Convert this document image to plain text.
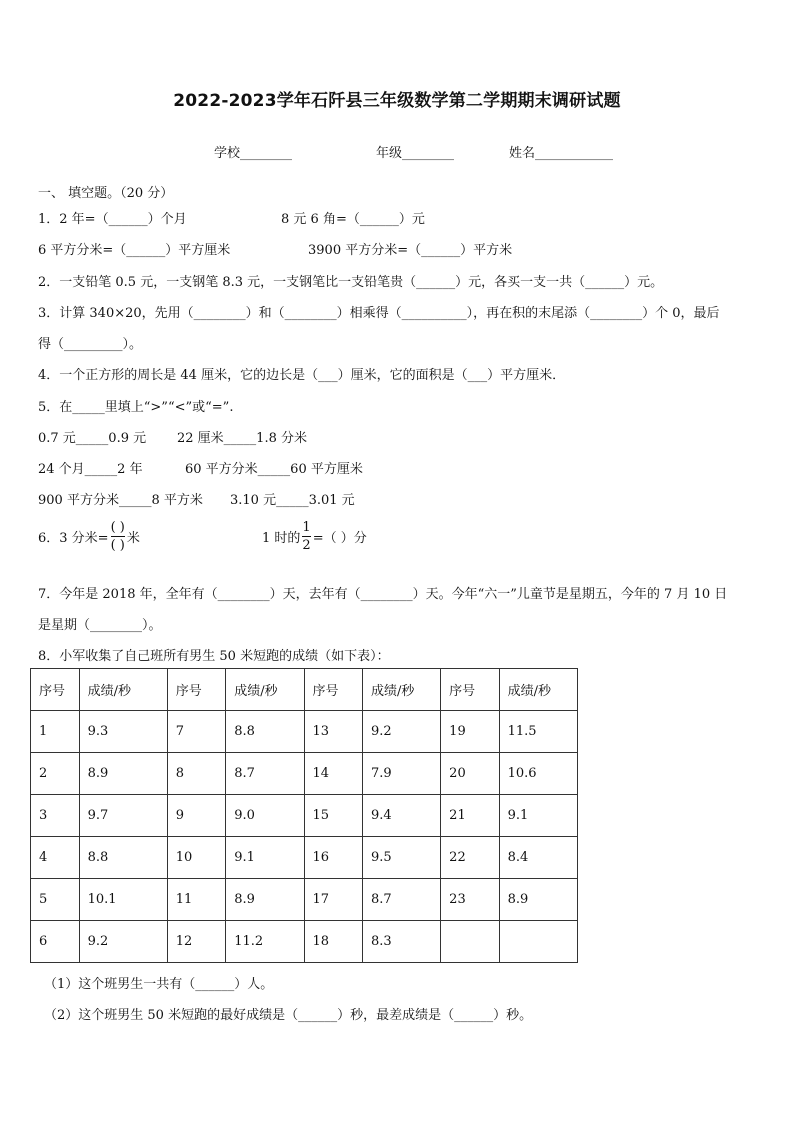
2022-2023学年石阡县三年级数学第二学期期末调研试题
学校________	年级________	姓名____________
一、 填空题。（20 分）
1．2 年=（______）个月	8 元 6 角=（______）元
6 平方分米=（______）平方厘米	3900 平方分米=（______）平方米
2．一支铅笔 0.5 元，一支钢笔 8.3 元，一支钢笔比一支铅笔贵（______）元，各买一支一共（______）元。
3．计算 340×20，先用（________）和（________）相乘得（__________），再在积的末尾添（________）个 0，最后
得（_________）。
4．一个正方形的周长是 44 厘米，它的边长是（___）厘米，它的面积是（___）平方厘米．
5．在_____里填上“>”“<”或“=”.
0.7 元_____0.9 元 22 厘米_____1.8 分米
24 个月_____2 年	60 平方分米_____60 平方厘米
900 平方分米_____8 平方米 3.10 元_____3.01 元
6．3 分米= $\frac{( )}{( )}$ 米	1 时的 $\frac{1}{2}$ =（ ）分
7．今年是 2018 年，全年有（________）天，去年有（________）天。今年“六一”儿童节是星期五，今年的 7 月 10 日
是星期（________）。
8．小军收集了自己班所有男生 50 米短跑的成绩（如下表）：
序号	成绩/秒	序号	成绩/秒	序号	成绩/秒	序号	成绩/秒
1	9.3	7	8.8	13	9.2	19	11.5
2	8.9	8	8.7	14	7.9	20	10.6
3	9.7	9	9.0	15	9.4	21	9.1
4	8.8	10	9.1	16	9.5	22	8.4
5	10.1	11	8.9	17	8.7	23	8.9
6	9.2	12	11.2	18	8.3		
（1）这个班男生一共有（______）人。
（2）这个班男生 50 米短跑的最好成绩是（______）秒，最差成绩是（______）秒。
